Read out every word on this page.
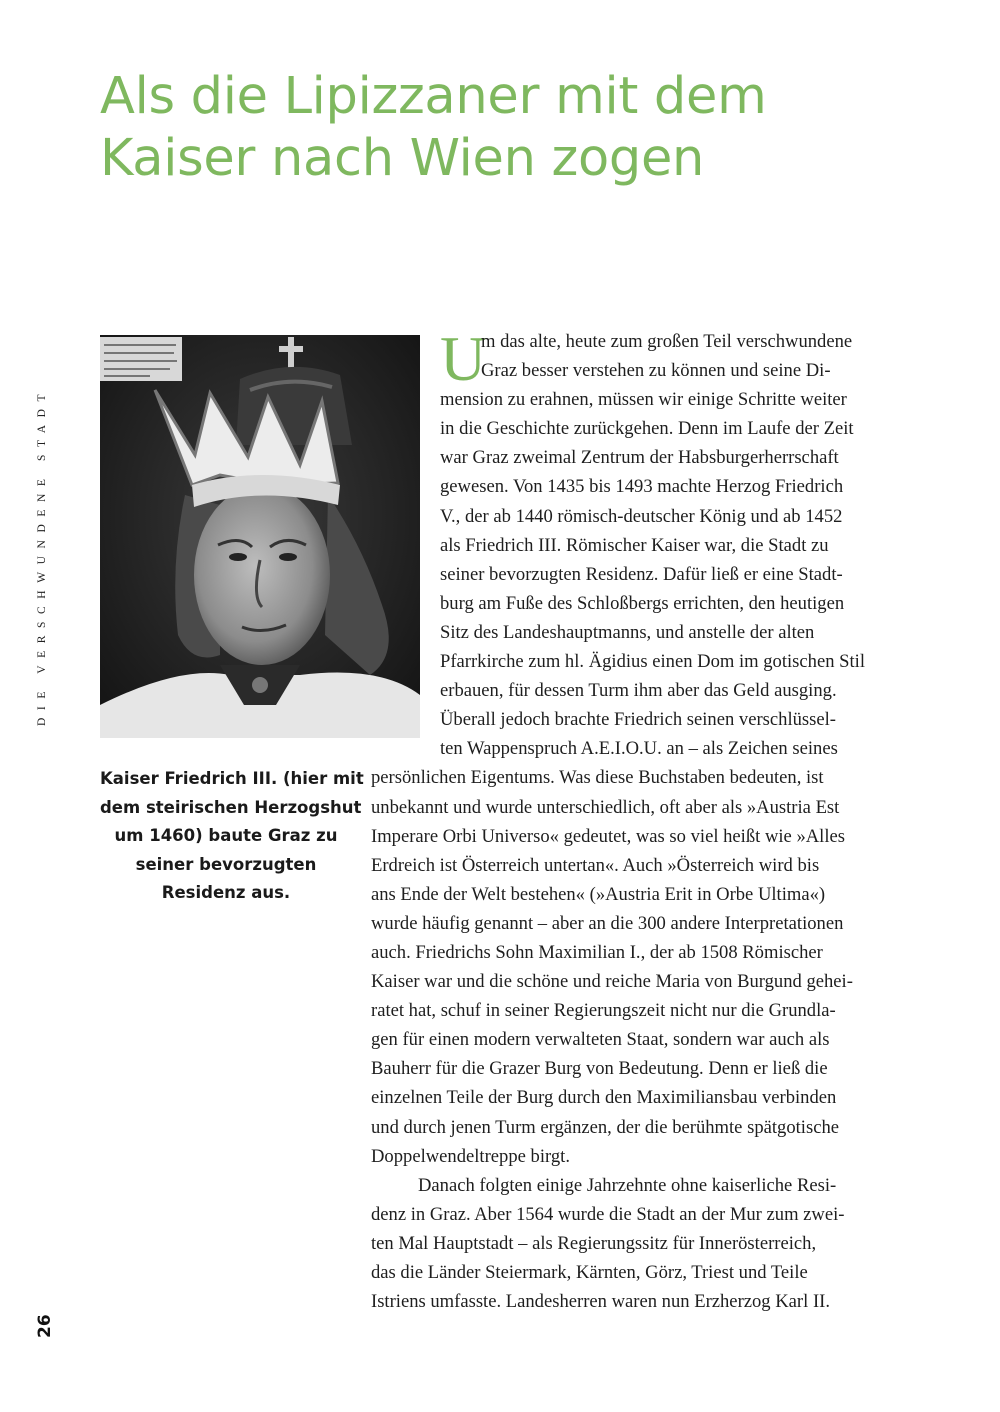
Als die Lipizzaner mit dem
Kaiser nach Wien zogen
DIE VERSCHWUNDENE STADT
26

Kaiser Friedrich III. (hier mit
dem steirischen Herzogshut
um 1460) baute Graz zu
seiner bevorzugten
Residenz aus.

U

m das alte, heute zum großen Teil verschwundene
Graz besser verstehen zu können und seine Di-
mension zu erahnen, müssen wir einige Schritte weiter
in die Geschichte zurückgehen. Denn im Laufe der Zeit
war Graz zweimal Zentrum der Habsburgerherrschaft
gewesen. Von 1435 bis 1493 machte Herzog Friedrich
V., der ab 1440 römisch-deutscher König und ab 1452
als Friedrich III. Römischer Kaiser war, die Stadt zu
seiner bevorzugten Residenz. Dafür ließ er eine Stadt-
burg am Fuße des Schloßbergs errichten, den heutigen
Sitz des Landeshauptmanns, und anstelle der alten
Pfarrkirche zum hl. Ägidius einen Dom im gotischen Stil
erbauen, für dessen Turm ihm aber das Geld ausging.
Überall jedoch brachte Friedrich seinen verschlüssel-
ten Wappenspruch A.E.I.O.U. an – als Zeichen seines
persönlichen Eigentums. Was diese Buchstaben bedeuten, ist
unbekannt und wurde unterschiedlich, oft aber als »Austria Est
Imperare Orbi Universo« gedeutet, was so viel heißt wie »Alles
Erdreich ist Österreich untertan«. Auch »Österreich wird bis
ans Ende der Welt bestehen« (»Austria Erit in Orbe Ultima«)
wurde häufig genannt – aber an die 300 andere Interpretationen
auch. Friedrichs Sohn Maximilian I., der ab 1508 Römischer
Kaiser war und die schöne und reiche Maria von Burgund gehei-
ratet hat, schuf in seiner Regierungszeit nicht nur die Grundla-
gen für einen modern verwalteten Staat, sondern war auch als
Bauherr für die Grazer Burg von Bedeutung. Denn er ließ die
einzelnen Teile der Burg durch den Maximiliansbau verbinden
und durch jenen Turm ergänzen, der die berühmte spätgotische
Doppelwendeltreppe birgt.
Danach folgten einige Jahrzehnte ohne kaiserliche Resi-
denz in Graz. Aber 1564 wurde die Stadt an der Mur zum zwei-
ten Mal Hauptstadt – als Regierungssitz für Innerösterreich,
das die Länder Steiermark, Kärnten, Görz, Triest und Teile
Istriens umfasste. Landesherren waren nun Erzherzog Karl II.
